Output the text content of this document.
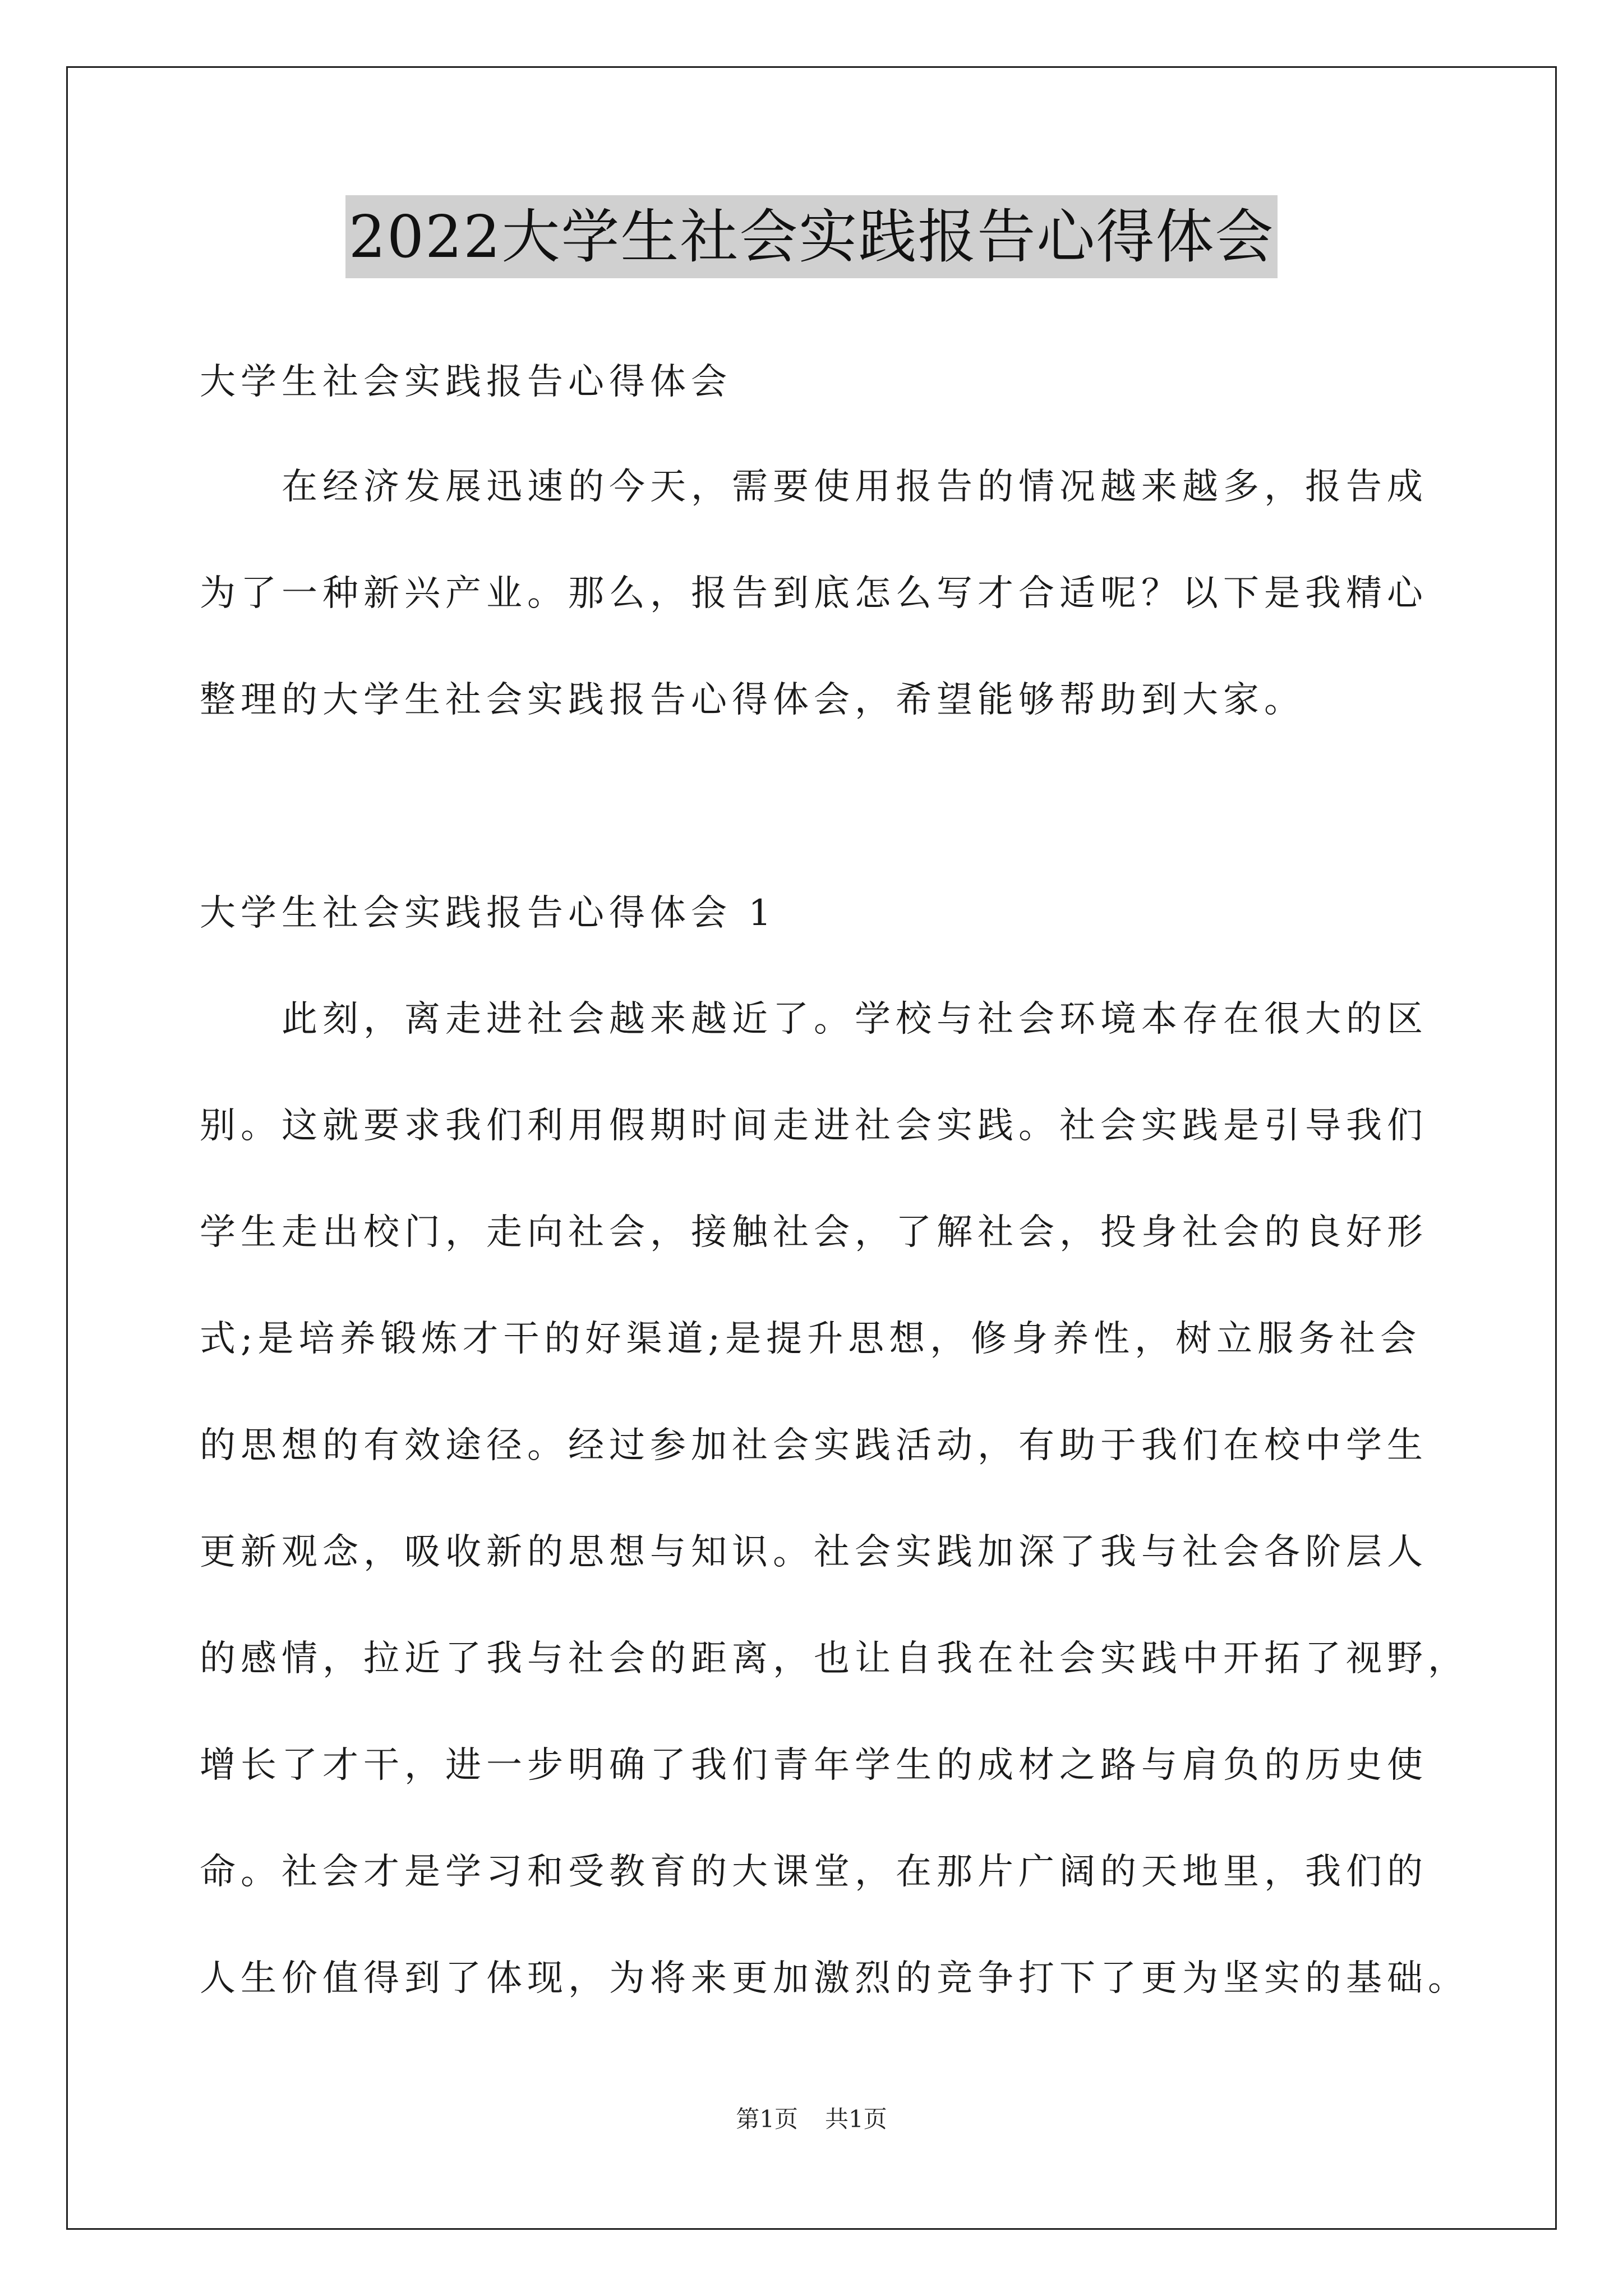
2022大学生社会实践报告心得体会
大学生社会实践报告心得体会
在经济发展迅速的今天，需要使用报告的情况越来越多，报告成
为了一种新兴产业。那么，报告到底怎么写才合适呢？以下是我精心
整理的大学生社会实践报告心得体会，希望能够帮助到大家。
大学生社会实践报告心得体会 1
此刻，离走进社会越来越近了。学校与社会环境本存在很大的区
别。这就要求我们利用假期时间走进社会实践。社会实践是引导我们
学生走出校门，走向社会，接触社会，了解社会，投身社会的良好形
式;是培养锻炼才干的好渠道;是提升思想，修身养性，树立服务社会
的思想的有效途径。经过参加社会实践活动，有助于我们在校中学生
更新观念，吸收新的思想与知识。社会实践加深了我与社会各阶层人
的感情，拉近了我与社会的距离，也让自我在社会实践中开拓了视野，
增长了才干，进一步明确了我们青年学生的成材之路与肩负的历史使
命。社会才是学习和受教育的大课堂，在那片广阔的天地里，我们的
人生价值得到了体现，为将来更加激烈的竞争打下了更为坚实的基础。
第1页 共1页
